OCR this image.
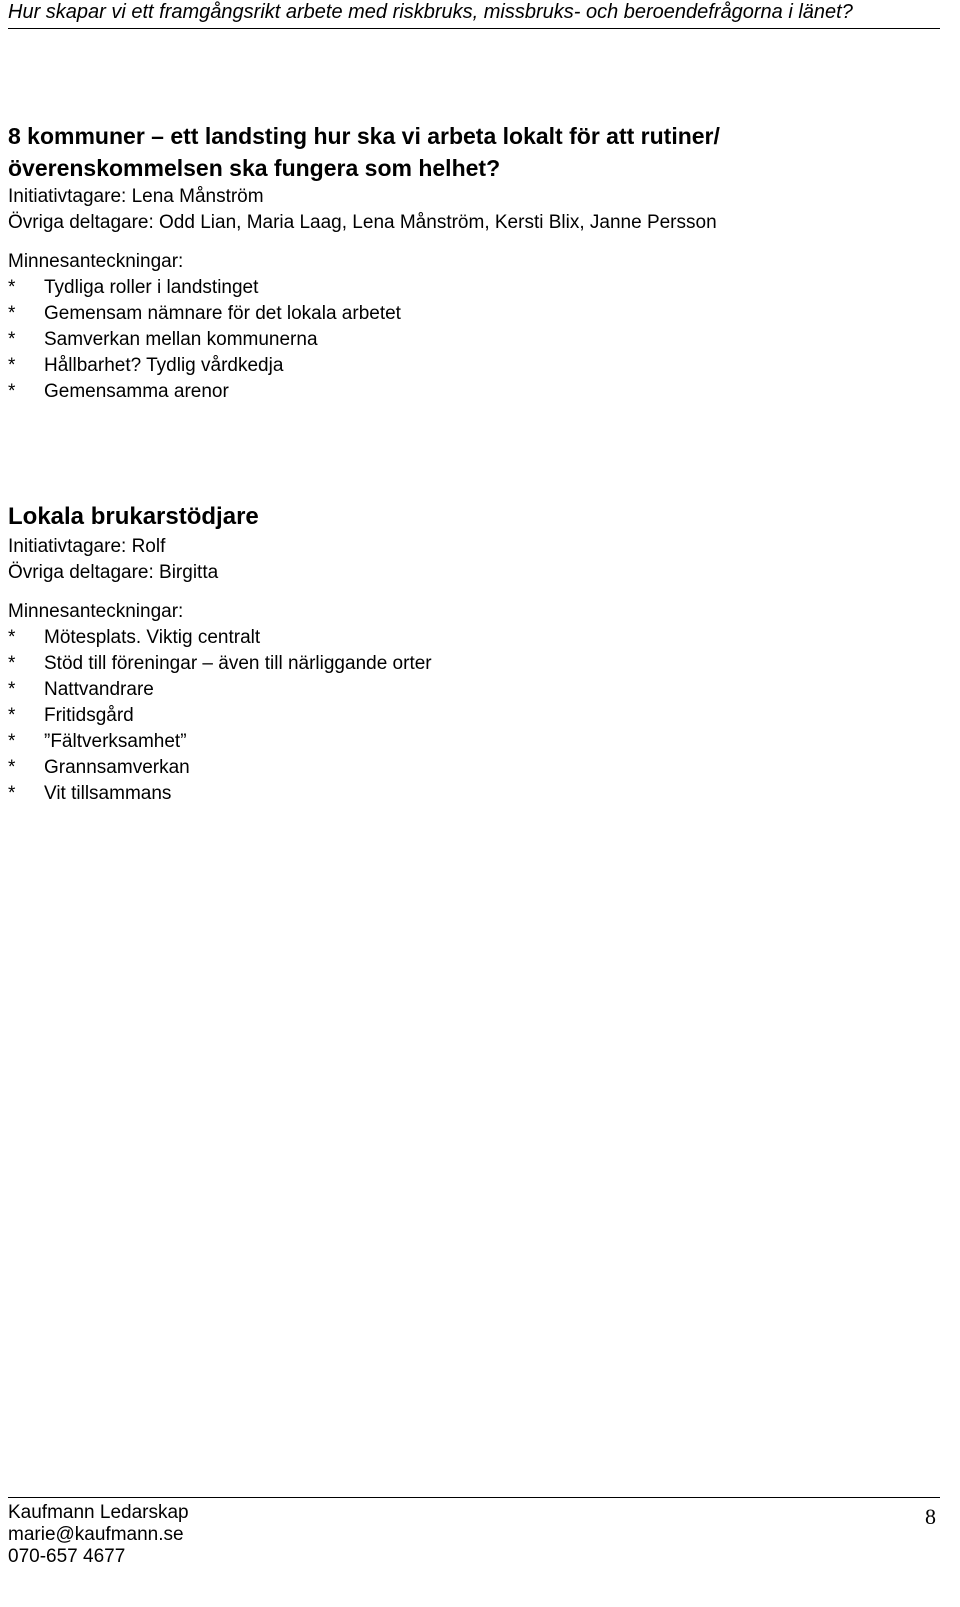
Hur skapar vi ett framgångsrikt arbete med riskbruks, missbruks- och beroendefrågorna i länet?

8 kommuner – ett landsting hur ska vi arbeta lokalt för att rutiner/ överenskommelsen ska fungera som helhet?

Initiativtagare: Lena Månström

Övriga deltagare: Odd Lian, Maria Laag, Lena Månström, Kersti Blix, Janne Persson

Minnesanteckningar:

*	Tydliga roller i landstinget
*	Gemensam nämnare för det lokala arbetet
*	Samverkan mellan kommunerna
*	Hållbarhet? Tydlig vårdkedja
*	Gemensamma arenor

Lokala brukarstödjare

Initiativtagare: Rolf

Övriga deltagare: Birgitta

Minnesanteckningar:

*	Mötesplats. Viktig centralt
*	Stöd till föreningar – även till närliggande orter
*	Nattvandrare
*	Fritidsgård
*	”Fältverksamhet”
*	Grannsamverkan
*	Vit tillsammans

Kaufmann Ledarskap

marie@kaufmann.se

070-657 4677

8
